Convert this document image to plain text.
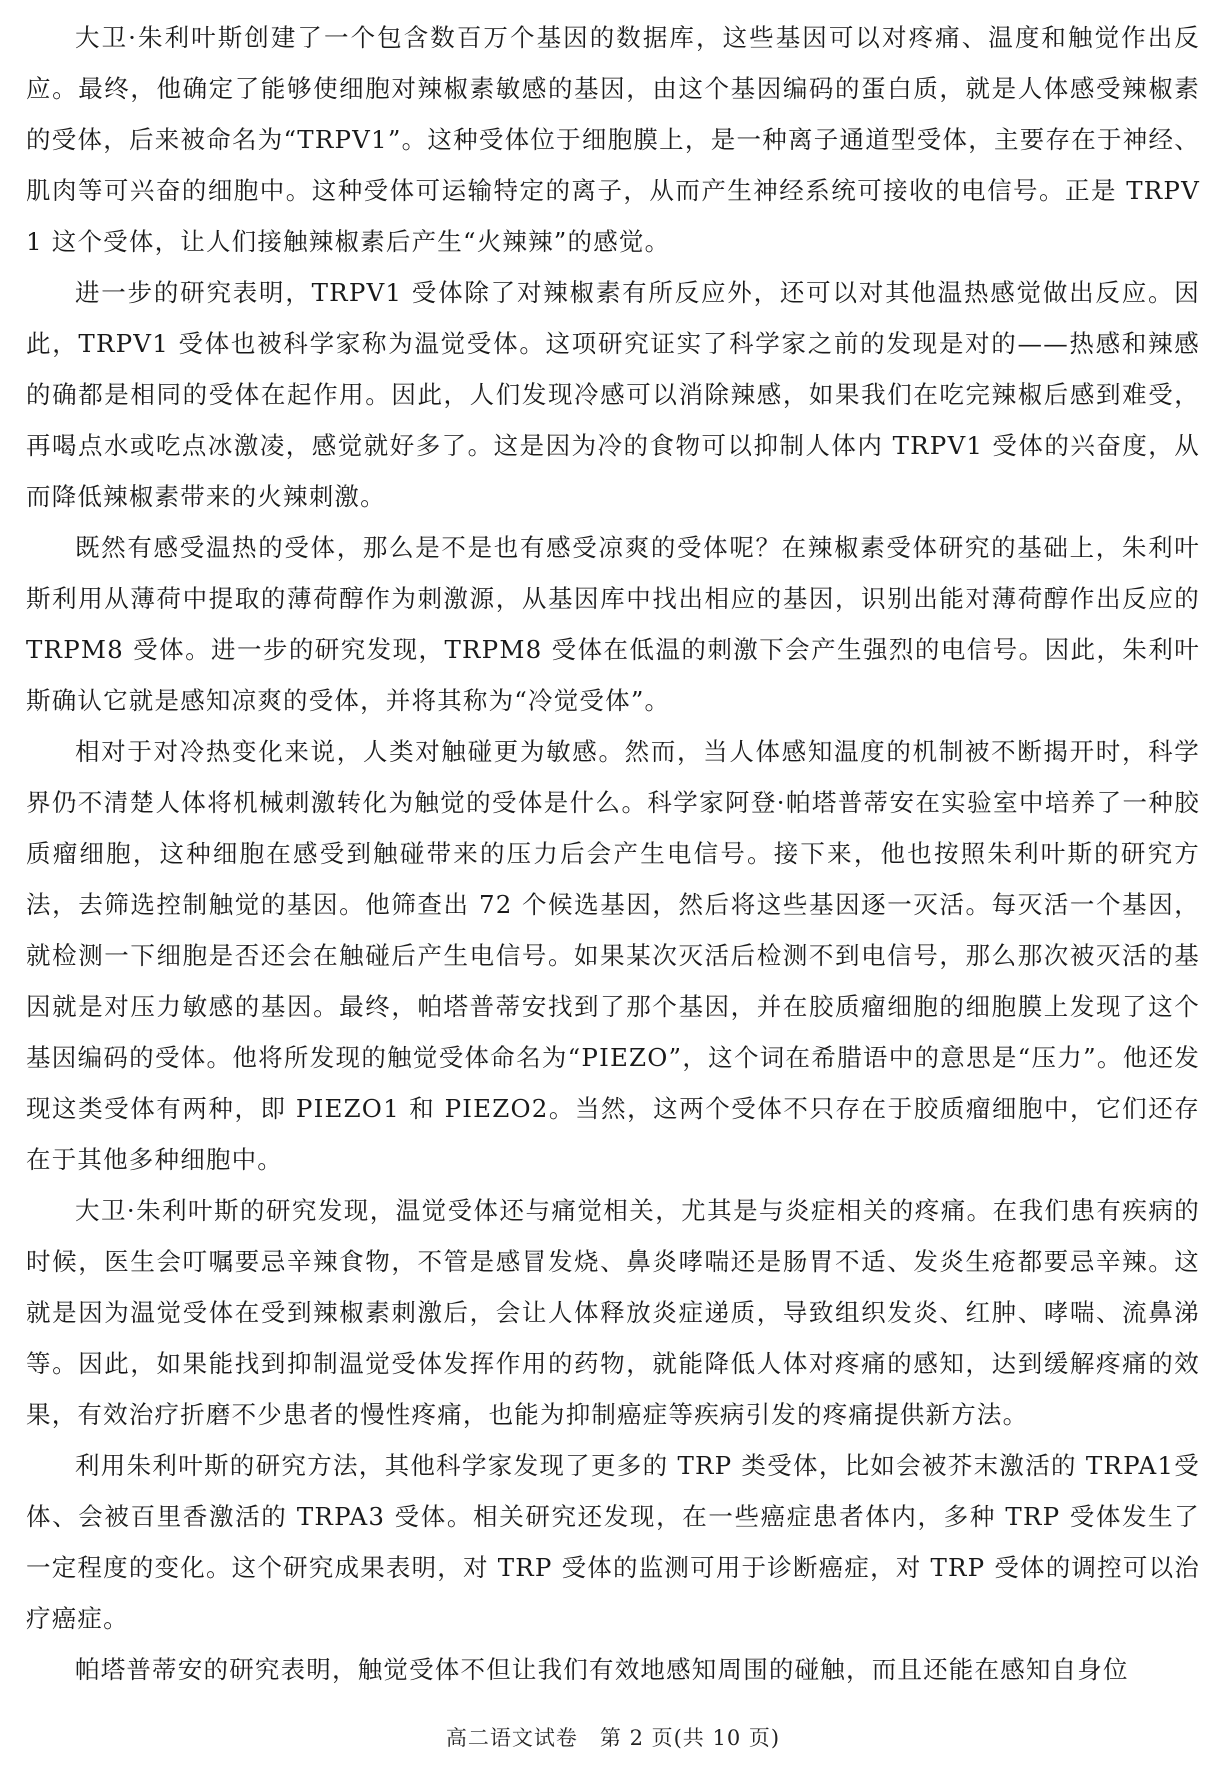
大卫·朱利叶斯创建了一个包含数百万个基因的数据库，这些基因可以对疼痛、温度和触觉作出反应。最终，他确定了能够使细胞对辣椒素敏感的基因，由这个基因编码的蛋白质，就是人体感受辣椒素的受体，后来被命名为“TRPV1”。这种受体位于细胞膜上，是一种离子通道型受体，主要存在于神经、肌肉等可兴奋的细胞中。这种受体可运输特定的离子，从而产生神经系统可接收的电信号。正是 TRPV1 这个受体，让人们接触辣椒素后产生“火辣辣”的感觉。

进一步的研究表明，TRPV1 受体除了对辣椒素有所反应外，还可以对其他温热感觉做出反应。因此，TRPV1 受体也被科学家称为温觉受体。这项研究证实了科学家之前的发现是对的——热感和辣感的确都是相同的受体在起作用。因此，人们发现冷感可以消除辣感，如果我们在吃完辣椒后感到难受，再喝点水或吃点冰激凌，感觉就好多了。这是因为冷的食物可以抑制人体内 TRPV1 受体的兴奋度，从而降低辣椒素带来的火辣刺激。

既然有感受温热的受体，那么是不是也有感受凉爽的受体呢？在辣椒素受体研究的基础上，朱利叶斯利用从薄荷中提取的薄荷醇作为刺激源，从基因库中找出相应的基因，识别出能对薄荷醇作出反应的 TRPM8 受体。进一步的研究发现，TRPM8 受体在低温的刺激下会产生强烈的电信号。因此，朱利叶斯确认它就是感知凉爽的受体，并将其称为“冷觉受体”。

相对于对冷热变化来说，人类对触碰更为敏感。然而，当人体感知温度的机制被不断揭开时，科学界仍不清楚人体将机械刺激转化为触觉的受体是什么。科学家阿登·帕塔普蒂安在实验室中培养了一种胶质瘤细胞，这种细胞在感受到触碰带来的压力后会产生电信号。接下来，他也按照朱利叶斯的研究方法，去筛选控制触觉的基因。他筛查出 72 个候选基因，然后将这些基因逐一灭活。每灭活一个基因，就检测一下细胞是否还会在触碰后产生电信号。如果某次灭活后检测不到电信号，那么那次被灭活的基因就是对压力敏感的基因。最终，帕塔普蒂安找到了那个基因，并在胶质瘤细胞的细胞膜上发现了这个基因编码的受体。他将所发现的触觉受体命名为“PIEZO”，这个词在希腊语中的意思是“压力”。他还发现这类受体有两种，即 PIEZO1 和 PIEZO2。当然，这两个受体不只存在于胶质瘤细胞中，它们还存在于其他多种细胞中。

大卫·朱利叶斯的研究发现，温觉受体还与痛觉相关，尤其是与炎症相关的疼痛。在我们患有疾病的时候，医生会叮嘱要忌辛辣食物，不管是感冒发烧、鼻炎哮喘还是肠胃不适、发炎生疮都要忌辛辣。这就是因为温觉受体在受到辣椒素刺激后，会让人体释放炎症递质，导致组织发炎、红肿、哮喘、流鼻涕等。因此，如果能找到抑制温觉受体发挥作用的药物，就能降低人体对疼痛的感知，达到缓解疼痛的效果，有效治疗折磨不少患者的慢性疼痛，也能为抑制癌症等疾病引发的疼痛提供新方法。

利用朱利叶斯的研究方法，其他科学家发现了更多的 TRP 类受体，比如会被芥末激活的 TRPA1受体、会被百里香激活的 TRPA3 受体。相关研究还发现，在一些癌症患者体内，多种 TRP 受体发生了一定程度的变化。这个研究成果表明，对 TRP 受体的监测可用于诊断癌症，对 TRP 受体的调控可以治疗癌症。

帕塔普蒂安的研究表明，触觉受体不但让我们有效地感知周围的碰触，而且还能在感知自身位

高二语文试卷　第 2 页(共 10 页)
